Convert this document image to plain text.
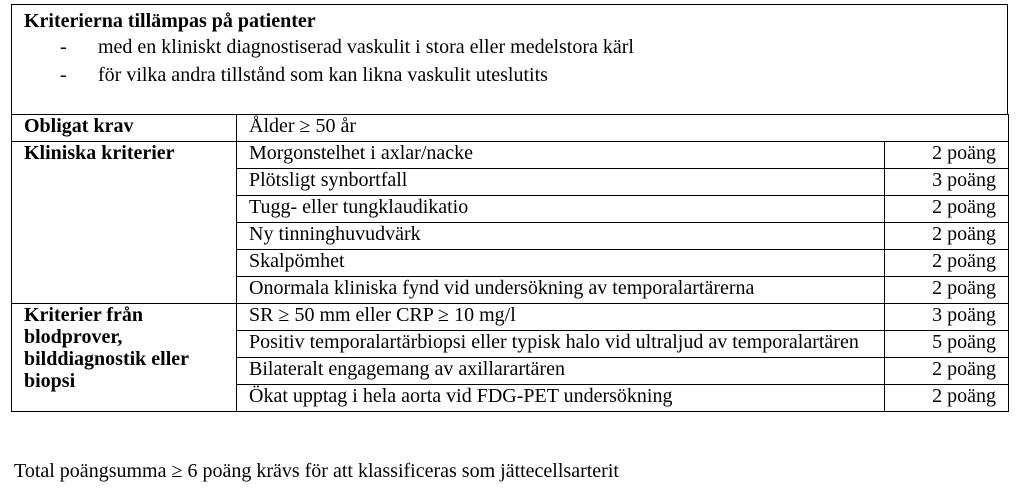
Kriterierna tillämpas på patienter
- med en kliniskt diagnostiserad vaskulit i stora eller medelstora kärl
- för vilka andra tillstånd som kan likna vaskulit uteslutits
Obligat krav	Ålder ≥ 50 år	
Kliniska kriterier	Morgonstelhet i axlar/nacke	2 poäng
	Plötsligt synbortfall	3 poäng
	Tugg- eller tungklaudikatio	2 poäng
	Ny tinninghuvudvärk	2 poäng
	Skalpömhet	2 poäng
	Onormala kliniska fynd vid undersökning av temporalartärerna	2 poäng
Kriterier från blodprover, bilddiagnostik eller biopsi	SR ≥ 50 mm eller CRP ≥ 10 mg/l	3 poäng
	Positiv temporalartärbiopsi eller typisk halo vid ultraljud av temporalartären	5 poäng
	Bilateralt engagemang av axillarartären	2 poäng
	Ökat upptag i hela aorta vid FDG-PET undersökning	2 poäng
Total poängsumma ≥ 6 poäng krävs för att klassificeras som jättecellsarterit
